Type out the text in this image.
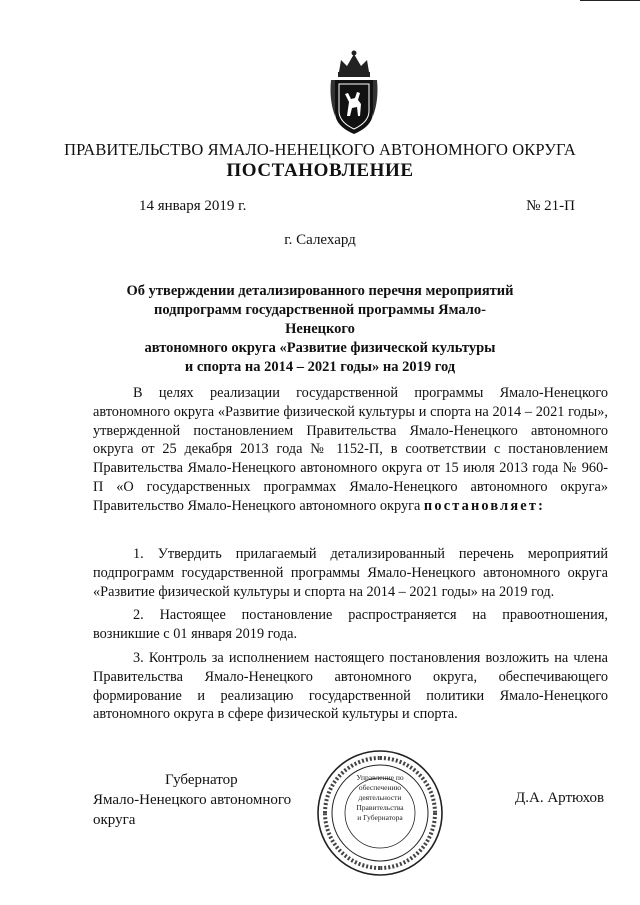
ПРАВИТЕЛЬСТВО ЯМАЛО-НЕНЕЦКОГО АВТОНОМНОГО ОКРУГА
ПОСТАНОВЛЕНИЕ
14 января 2019 г.	№ 21-П
г. Салехард
Об утверждении детализированного перечня мероприятий
подпрограмм государственной программы Ямало-Ненецкого
автономного округа «Развитие физической культуры
и спорта на 2014 – 2021 годы» на 2019 год

В целях реализации государственной программы Ямало-Ненецкого автономного округа «Развитие физической культуры и спорта на 2014 – 2021 годы», утвержденной постановлением Правительства Ямало-Ненецкого автономного округа от 25 декабря 2013 года № 1152-П, в соответствии с постановлением Правительства Ямало-Ненецкого автономного округа от 15 июля 2013 года № 960-П «О государственных программах Ямало-Ненецкого автономного округа» Правительство Ямало-Ненецкого автономного округа постановляет:

1. Утвердить прилагаемый детализированный перечень мероприятий подпрограмм государственной программы Ямало-Ненецкого автономного округа «Развитие физической культуры и спорта на 2014 – 2021 годы» на 2019 год.

2. Настоящее постановление распространяется на правоотношения, возникшие с 01 января 2019 года.

3. Контроль за исполнением настоящего постановления возложить на члена Правительства Ямало-Ненецкого автономного округа, обеспечивающего формирование и реализацию государственной политики Ямало-Ненецкого автономного округа в сфере физической культуры и спорта.

Управление по
обеспечению
деятельности
Правительства
и Губернатора
Губернатор
Ямало-Ненецкого автономного округа
Д.А. Артюхов
